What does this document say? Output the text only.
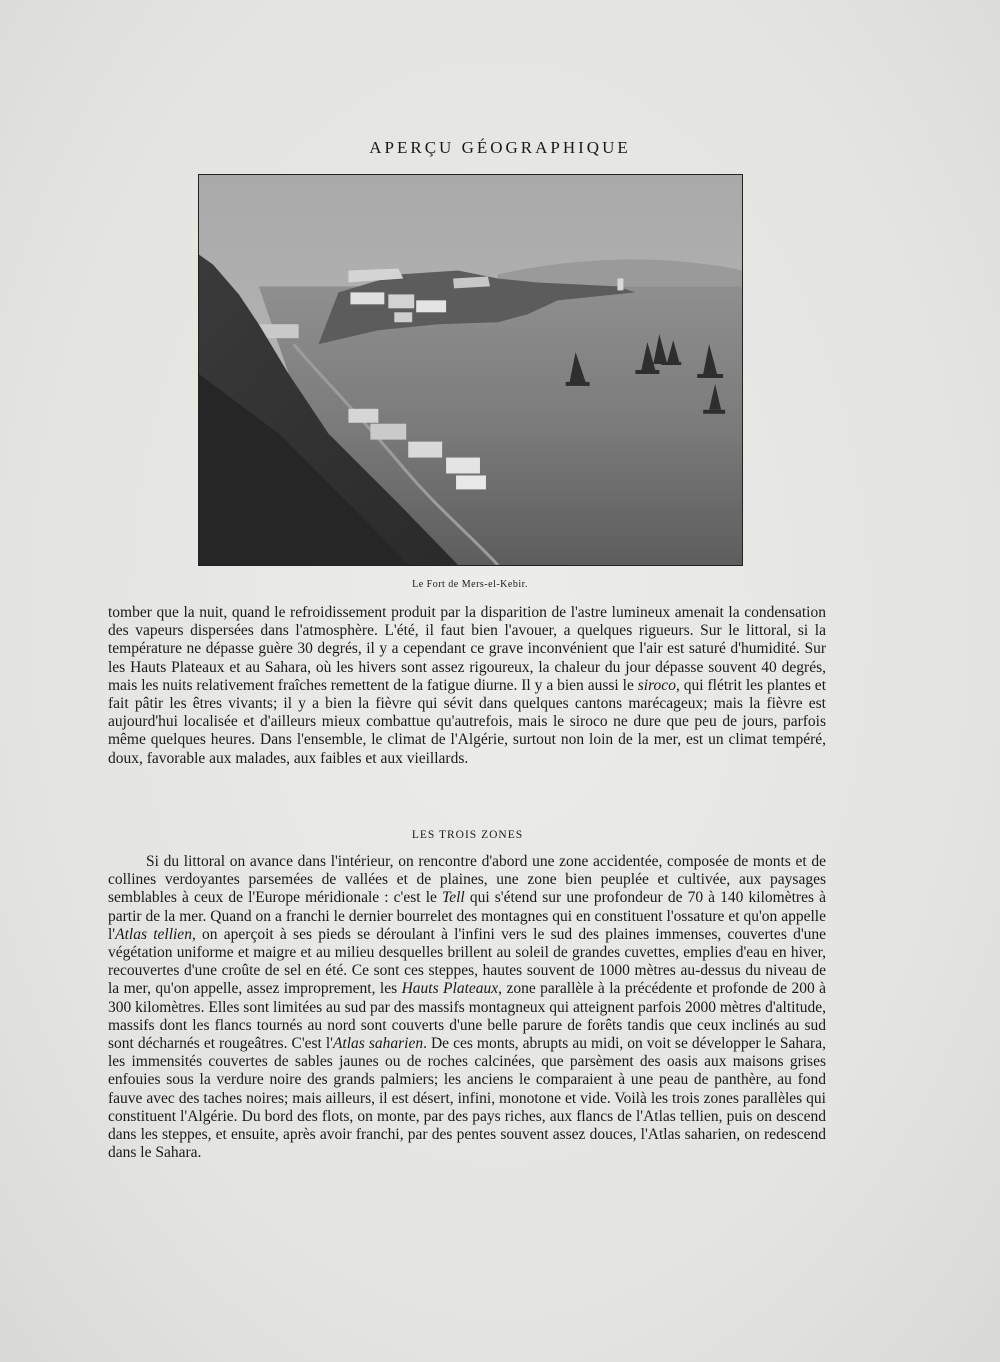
APERÇU GÉOGRAPHIQUE
Le Fort de Mers-el-Kebir.
tomber que la nuit, quand le refroidissement produit par la disparition de l'astre lumineux amenait la condensation des vapeurs dispersées dans l'atmosphère. L'été, il faut bien l'avouer, a quelques rigueurs. Sur le littoral, si la température ne dépasse guère 30 degrés, il y a cependant ce grave inconvénient que l'air est saturé d'humidité. Sur les Hauts Plateaux et au Sahara, où les hivers sont assez rigoureux, la chaleur du jour dépasse souvent 40 degrés, mais les nuits relativement fraîches remettent de la fatigue diurne. Il y a bien aussi le siroco, qui flétrit les plantes et fait pâtir les êtres vivants; il y a bien la fièvre qui sévit dans quelques cantons marécageux; mais la fièvre est aujourd'hui localisée et d'ailleurs mieux combattue qu'autrefois, mais le siroco ne dure que peu de jours, parfois même quelques heures. Dans l'ensemble, le climat de l'Algérie, surtout non loin de la mer, est un climat tempéré, doux, favorable aux malades, aux faibles et aux vieillards.
LES TROIS ZONES
Si du littoral on avance dans l'intérieur, on rencontre d'abord une zone accidentée, composée de monts et de collines verdoyantes parsemées de vallées et de plaines, une zone bien peuplée et cultivée, aux paysages semblables à ceux de l'Europe méridionale : c'est le Tell qui s'étend sur une profondeur de 70 à 140 kilomètres à partir de la mer. Quand on a franchi le dernier bourrelet des montagnes qui en constituent l'ossature et qu'on appelle l'Atlas tellien, on aperçoit à ses pieds se déroulant à l'infini vers le sud des plaines immenses, couvertes d'une végétation uniforme et maigre et au milieu desquelles brillent au soleil de grandes cuvettes, emplies d'eau en hiver, recouvertes d'une croûte de sel en été. Ce sont ces steppes, hautes souvent de 1000 mètres au-dessus du niveau de la mer, qu'on appelle, assez improprement, les Hauts Plateaux, zone parallèle à la précédente et profonde de 200 à 300 kilomètres. Elles sont limitées au sud par des massifs montagneux qui atteignent parfois 2000 mètres d'altitude, massifs dont les flancs tournés au nord sont couverts d'une belle parure de forêts tandis que ceux inclinés au sud sont décharnés et rougeâtres. C'est l'Atlas saharien. De ces monts, abrupts au midi, on voit se développer le Sahara, les immensités couvertes de sables jaunes ou de roches calcinées, que parsèment des oasis aux maisons grises enfouies sous la verdure noire des grands palmiers; les anciens le comparaient à une peau de panthère, au fond fauve avec des taches noires; mais ailleurs, il est désert, infini, monotone et vide. Voilà les trois zones parallèles qui constituent l'Algérie. Du bord des flots, on monte, par des pays riches, aux flancs de l'Atlas tellien, puis on descend dans les steppes, et ensuite, après avoir franchi, par des pentes souvent assez douces, l'Atlas saharien, on redescend dans le Sahara.
